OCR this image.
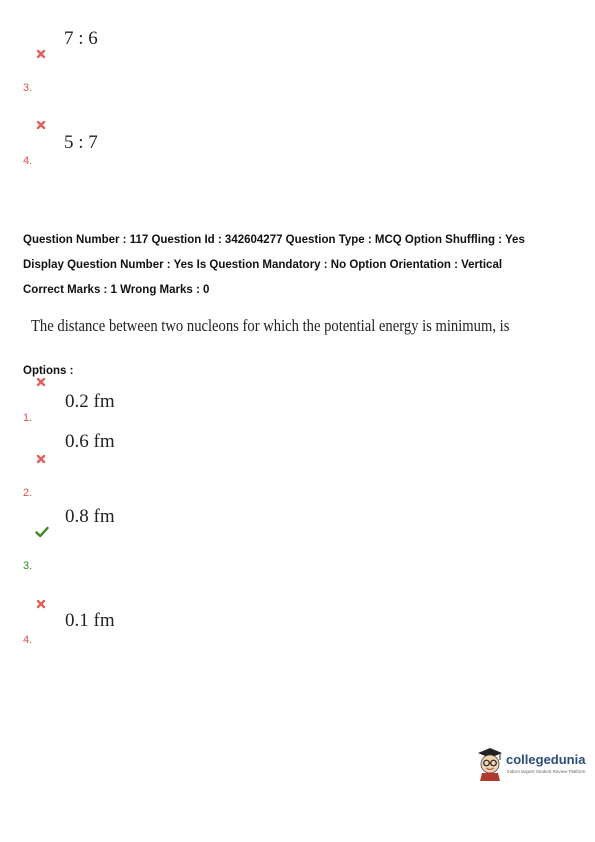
7 : 6
3.
5 : 7
4.
Question Number : 117 Question Id : 342604277 Question Type : MCQ Option Shuffling : Yes
Display Question Number : Yes Is Question Mandatory : No Option Orientation : Vertical
Correct Marks : 1 Wrong Marks : 0
The distance between two nucleons for which the potential energy is minimum, is
Options :
0.2 fm
1.
0.6 fm
2.
0.8 fm
3.
0.1 fm
4.
collegedunia
India's largest Student Review Platform
